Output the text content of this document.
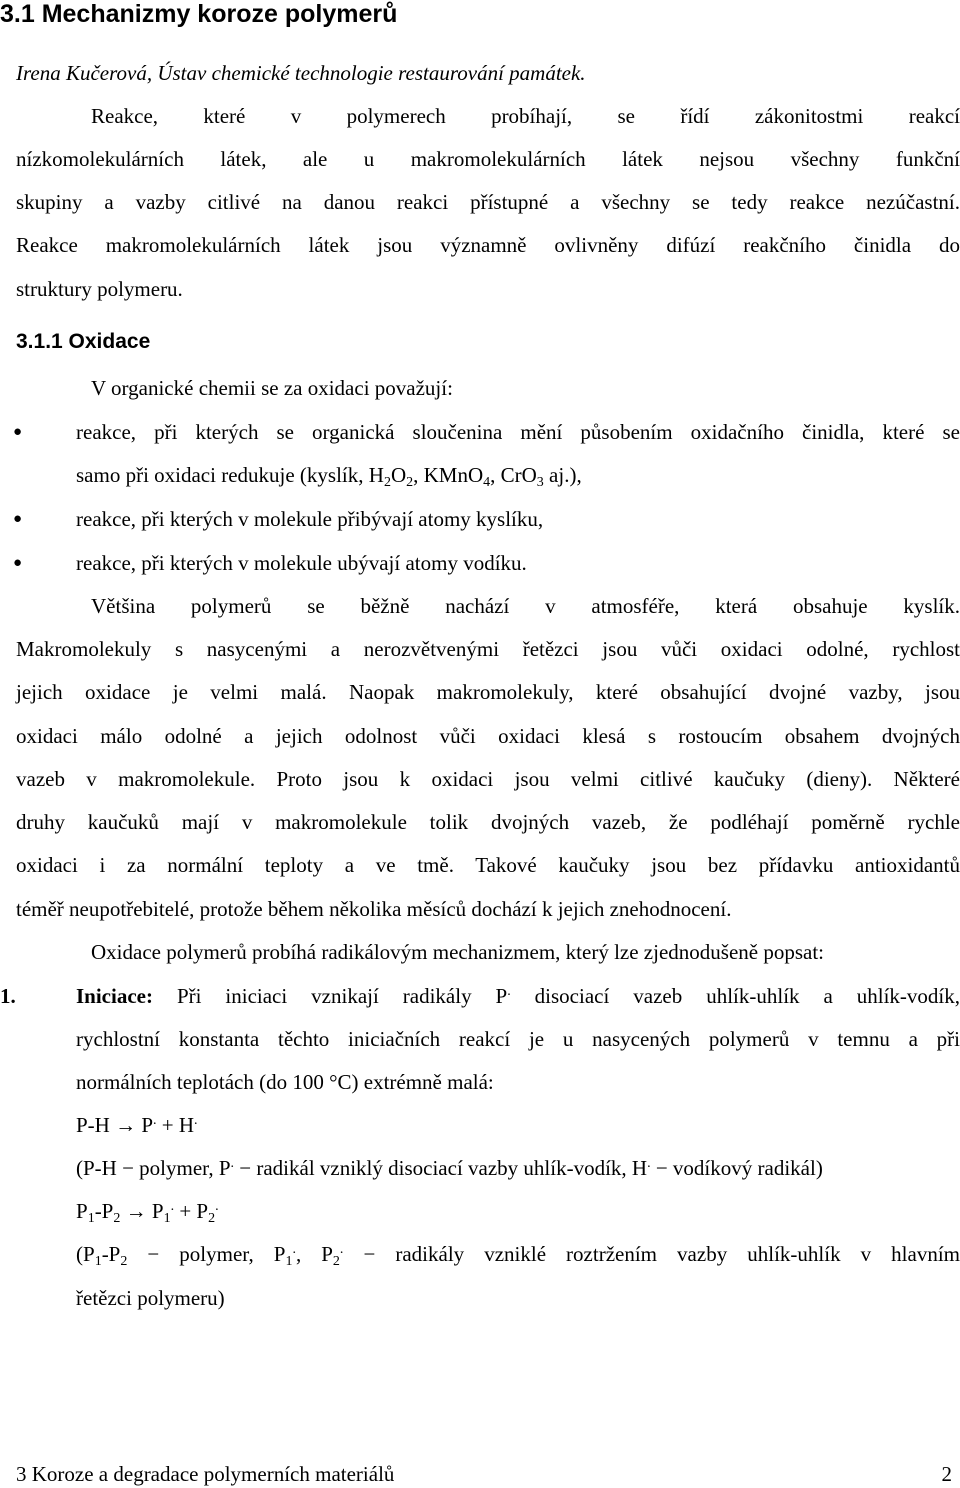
3.1 Mechanizmy koroze polymerů
Irena Kučerová, Ústav chemické technologie restaurování památek.
Reakce, které v polymerech probíhají, se řídí zákonitostmi reakcí
nízkomolekulárních látek, ale u makromolekulárních látek nejsou všechny funkční
skupiny a vazby citlivé na danou reakci přístupné a všechny se tedy reakce nezúčastní.
Reakce makromolekulárních látek jsou významně ovlivněny difúzí reakčního činidla do
struktury polymeru.
3.1.1 Oxidace
V organické chemii se za oxidaci považují:
●	reakce, při kterých se organická sloučenina mění působením oxidačního činidla, které se
samo při oxidaci redukuje (kyslík, $H_2O_2$, KMnO$_4$, CrO$_3$ aj.),
●	reakce, při kterých v molekule přibývají atomy kyslíku,
●	reakce, při kterých v molekule ubývají atomy vodíku.
Většina polymerů se běžně nachází v atmosféře, která obsahuje kyslík.
Makromolekuly s nasycenými a nerozvětvenými řetězci jsou vůči oxidaci odolné, rychlost
jejich oxidace je velmi malá. Naopak makromolekuly, které obsahující dvojné vazby, jsou
oxidaci málo odolné a jejich odolnost vůči oxidaci klesá s rostoucím obsahem dvojných
vazeb v makromolekule. Proto jsou k oxidaci jsou velmi citlivé kaučuky (dieny). Některé
druhy kaučuků mají v makromolekule tolik dvojných vazeb, že podléhají poměrně rychle
oxidaci i za normální teploty a ve tmě. Takové kaučuky jsou bez přídavku antioxidantů
téměř neupotřebitelé, protože během několika měsíců dochází k jejich znehodnocení.
Oxidace polymerů probíhá radikálovým mechanizmem, který lze zjednodušeně popsat:
1.	Iniciace: Při iniciaci vznikají radikály P. disociací vazeb uhlík-uhlík a uhlík-vodík,
rychlostní konstanta těchto iniciačních reakcí je u nasycených polymerů v temnu a při
normálních teplotách (do 100 °C) extrémně malá:
P-H → P. + H.
(P-H − polymer, P. − radikál vzniklý disociací vazby uhlík-vodík, H. − vodíkový radikál)
$P_1-P_2 \to P_1^. + P_2^.$
($P_1-P_2$ − polymer, $P_1^.$, $P_2^.$ − radikály vzniklé roztržením vazby uhlík-uhlík v hlavním
řetězci polymeru)
3 Koroze a degradace polymerních materiálů	2
